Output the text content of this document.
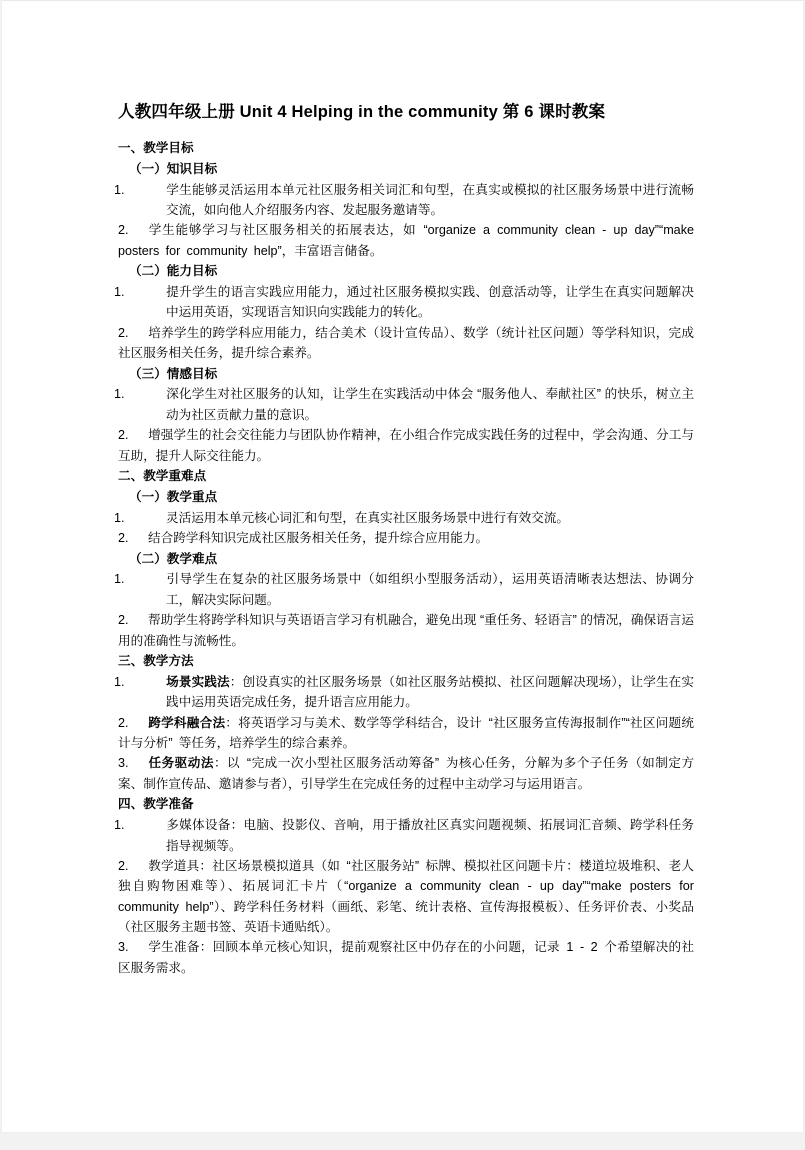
人教四年级上册 Unit 4 Helping in the community 第 6 课时教案

一、教学目标

（一）知识目标

1.	学生能够灵活运用本单元社区服务相关词汇和句型，在真实或模拟的社区服务场景中进行流畅交流，如向他人介绍服务内容、发起服务邀请等。

2. 学生能够学习与社区服务相关的拓展表达，如 “organize a community clean - up day”“make posters for community help”，丰富语言储备。

（二）能力目标

1.	提升学生的语言实践应用能力，通过社区服务模拟实践、创意活动等，让学生在真实问题解决中运用英语，实现语言知识向实践能力的转化。

2. 培养学生的跨学科应用能力，结合美术（设计宣传品）、数学（统计社区问题）等学科知识，完成社区服务相关任务，提升综合素养。

（三）情感目标

1.	深化学生对社区服务的认知，让学生在实践活动中体会 “服务他人、奉献社区” 的快乐，树立主动为社区贡献力量的意识。

2. 增强学生的社会交往能力与团队协作精神，在小组合作完成实践任务的过程中，学会沟通、分工与互助，提升人际交往能力。

二、教学重难点

（一）教学重点

1.	灵活运用本单元核心词汇和句型，在真实社区服务场景中进行有效交流。

2. 结合跨学科知识完成社区服务相关任务，提升综合应用能力。

（二）教学难点

1.	引导学生在复杂的社区服务场景中（如组织小型服务活动），运用英语清晰表达想法、协调分工，解决实际问题。

2. 帮助学生将跨学科知识与英语语言学习有机融合，避免出现 “重任务、轻语言” 的情况，确保语言运用的准确性与流畅性。

三、教学方法

1.	场景实践法：创设真实的社区服务场景（如社区服务站模拟、社区问题解决现场），让学生在实践中运用英语完成任务，提升语言应用能力。

2. 跨学科融合法：将英语学习与美术、数学等学科结合，设计 “社区服务宣传海报制作”“社区问题统计与分析” 等任务，培养学生的综合素养。

3. 任务驱动法：以 “完成一次小型社区服务活动筹备” 为核心任务，分解为多个子任务（如制定方案、制作宣传品、邀请参与者），引导学生在完成任务的过程中主动学习与运用语言。

四、教学准备

1.	多媒体设备：电脑、投影仪、音响，用于播放社区真实问题视频、拓展词汇音频、跨学科任务指导视频等。

2. 教学道具：社区场景模拟道具（如 “社区服务站” 标牌、模拟社区问题卡片：楼道垃圾堆积、老人独自购物困难等）、拓展词汇卡片（“organize a community clean - up day”“make posters for community help”）、跨学科任务材料（画纸、彩笔、统计表格、宣传海报模板）、任务评价表、小奖品（社区服务主题书签、英语卡通贴纸）。

3. 学生准备：回顾本单元核心知识，提前观察社区中仍存在的小问题，记录 1 - 2 个希望解决的社区服务需求。
